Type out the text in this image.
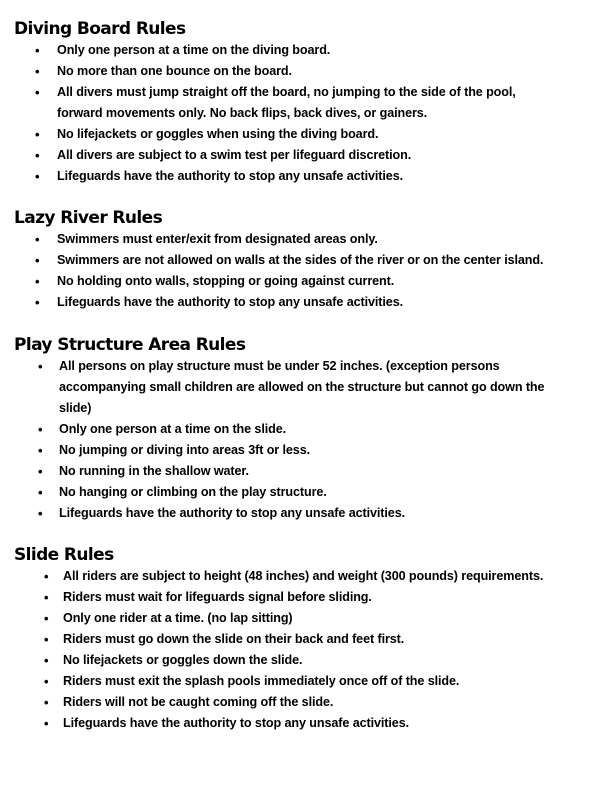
Diving Board Rules
• Only one person at a time on the diving board.
• No more than one bounce on the board.
• All divers must jump straight off the board, no jumping to the side of the pool, forward movements only. No back flips, back dives, or gainers.
• No lifejackets or goggles when using the diving board.
• All divers are subject to a swim test per lifeguard discretion.
• Lifeguards have the authority to stop any unsafe activities.
Lazy River Rules
• Swimmers must enter/exit from designated areas only.
• Swimmers are not allowed on walls at the sides of the river or on the center island.
• No holding onto walls, stopping or going against current.
• Lifeguards have the authority to stop any unsafe activities.
Play Structure Area Rules
• All persons on play structure must be under 52 inches. (exception persons accompanying small children are allowed on the structure but cannot go down the slide)
• Only one person at a time on the slide.
• No jumping or diving into areas 3ft or less.
• No running in the shallow water.
• No hanging or climbing on the play structure.
• Lifeguards have the authority to stop any unsafe activities.
Slide Rules
• All riders are subject to height (48 inches) and weight (300 pounds) requirements.
• Riders must wait for lifeguards signal before sliding.
• Only one rider at a time. (no lap sitting)
• Riders must go down the slide on their back and feet first.
• No lifejackets or goggles down the slide.
• Riders must exit the splash pools immediately once off of the slide.
• Riders will not be caught coming off the slide.
• Lifeguards have the authority to stop any unsafe activities.
